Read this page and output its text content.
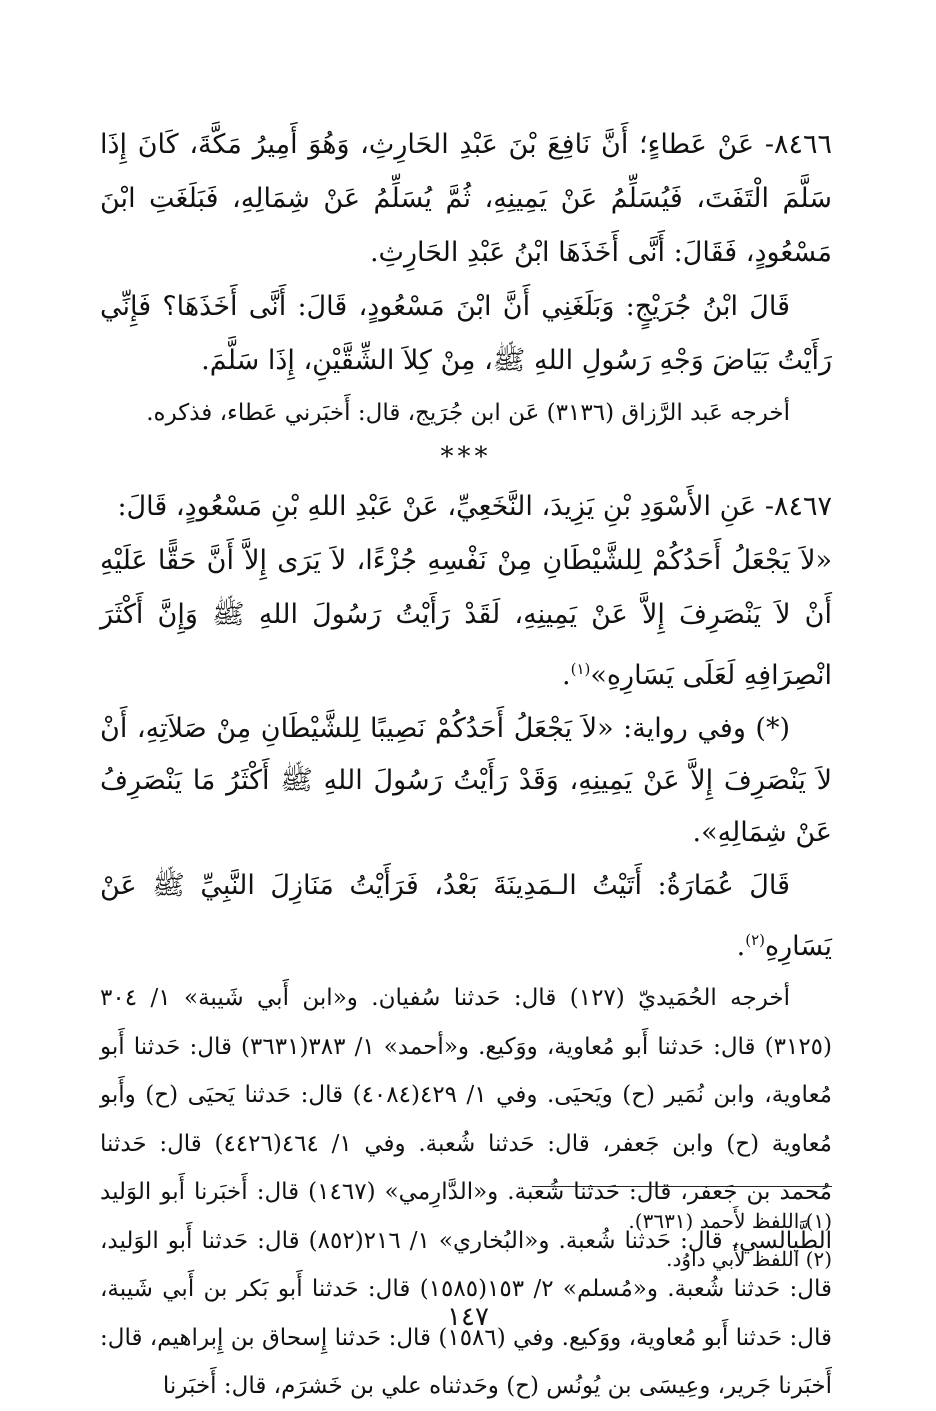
٨٤٦٦- عَنْ عَطاءٍ؛ أَنَّ نَافِعَ بْنَ عَبْدِ الحَارِثِ، وَهُوَ أَمِيرُ مَكَّةَ، كَانَ إِذَا سَلَّمَ الْتَفَتَ، فَيُسَلِّمُ عَنْ يَمِينِهِ، ثُمَّ يُسَلِّمُ عَنْ شِمَالِهِ، فَبَلَغَتِ ابْنَ مَسْعُودٍ، فَقَالَ: أَنَّى أَخَذَهَا ابْنُ عَبْدِ الحَارِثِ.

قَالَ ابْنُ جُرَيْجٍ: وَبَلَغَنِي أَنَّ ابْنَ مَسْعُودٍ، قَالَ: أَنَّى أَخَذَهَا؟ فَإِنِّي رَأَيْتُ بَيَاضَ وَجْهِ رَسُولِ اللهِ ﷺ، مِنْ كِلاَ الشِّقَّيْنِ، إِذَا سَلَّمَ.

أخرجه عَبد الرَّزاق (٣١٣٦) عَن ابن جُرَيج، قال: أَخبَرني عَطاء، فذكره.

***

٨٤٦٧- عَنِ الأَسْوَدِ بْنِ يَزِيدَ، النَّخَعِيِّ، عَنْ عَبْدِ اللهِ بْنِ مَسْعُودٍ، قَالَ:

«لاَ يَجْعَلُ أَحَدُكُمْ لِلشَّيْطَانِ مِنْ نَفْسِهِ جُزْءًا، لاَ يَرَى إِلاَّ أَنَّ حَقًّا عَلَيْهِ أَنْ لاَ يَنْصَرِفَ إِلاَّ عَنْ يَمِينِهِ، لَقَدْ رَأَيْتُ رَسُولَ اللهِ ﷺ وَإِنَّ أَكْثَرَ انْصِرَافِهِ لَعَلَى يَسَارِهِ»$^{(١)}$.

(*) وفي رواية: «لاَ يَجْعَلُ أَحَدُكُمْ نَصِيبًا لِلشَّيْطَانِ مِنْ صَلاَتِهِ، أَنْ لاَ يَنْصَرِفَ إِلاَّ عَنْ يَمِينِهِ، وَقَدْ رَأَيْتُ رَسُولَ اللهِ ﷺ أَكْثَرُ مَا يَنْصَرِفُ عَنْ شِمَالِهِ».

قَالَ عُمَارَةُ: أَتَيْتُ الـمَدِينَةَ بَعْدُ، فَرَأَيْتُ مَنَازِلَ النَّبِيِّ ﷺ عَنْ يَسَارِهِ$^{(٢)}$.

أخرجه الحُمَيديّ (١٢٧) قال: حَدثنا سُفيان. و«ابن أَبي شَيبة» ١/ ٣٠٤ (٣١٢٥) قال: حَدثنا أَبو مُعاوية، ووَكيع. و«أحمد» ١/ ٣٨٣(٣٦٣١) قال: حَدثنا أَبو مُعاوية، وابن نُمَير (ح) ويَحيَى. وفي ١/ ٤٢٩(٤٠٨٤) قال: حَدثنا يَحيَى (ح) وأَبو مُعاوية (ح) وابن جَعفر، قال: حَدثنا شُعبة. وفي ١/ ٤٦٤(٤٤٢٦) قال: حَدثنا مُحمد بن جَعفر، قال: حَدثنا شُعبة. و«الدَّارِمي» (١٤٦٧) قال: أَخبَرنا أَبو الوَليد الطَّيالسي، قال: حَدثنا شُعبة. و«البُخاري» ١/ ٢١٦(٨٥٢) قال: حَدثنا أَبو الوَليد، قال: حَدثنا شُعبة. و«مُسلم» ٢/ ١٥٣(١٥٨٥) قال: حَدثنا أَبو بَكر بن أَبي شَيبة، قال: حَدثنا أَبو مُعاوية، ووَكيع. وفي (١٥٨٦) قال: حَدثنا إِسحاق بن إِبراهيم، قال: أَخبَرنا جَرير، وعِيسَى بن يُونُس (ح) وحَدثناه علي بن خَشرَم، قال: أَخبَرنا

(١) اللفظ لأَحمد (٣٦٣١).
(٢) اللفظ لأَبي داوُد.
١٤٧
